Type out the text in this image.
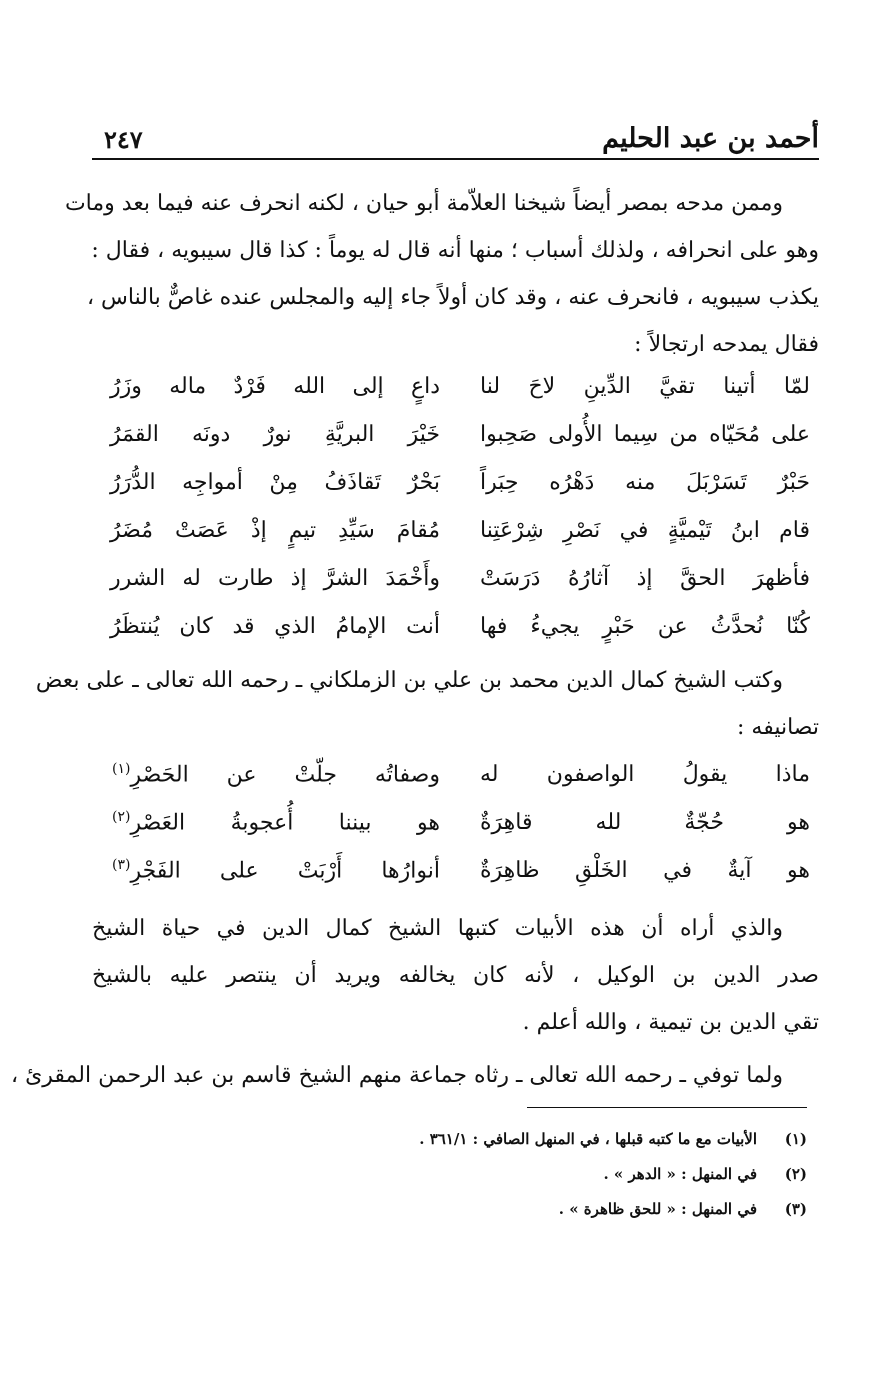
أحمد بن عبد الحليم
٢٤٧

وممن مدحه بمصر أيضاً شيخنا العلاّمة أبو حيان ، لكنه انحرف عنه فيما بعد ومات
وهو على انحرافه ، ولذلك أسباب ؛ منها أنه قال له يوماً : كذا قال سيبويه ، فقال :
يكذب سيبويه ، فانحرف عنه ، وقد كان أولاً جاء إليه والمجلس عنده غاصٌّ بالناس ،
فقال يمدحه ارتجالاً :

لمّا أتينا تقيَّ الدِّينِ لاحَ لنا
داعٍ إلى الله فَرْدٌ ماله وزَرُ
على مُحَيّاه من سِيما الأُولى صَحِبوا
خَيْرَ البريَّةِ نورٌ دونَه القمَرُ
حَبْرٌ تَسَرْبَلَ منه دَهْرُه حِبَراً
بَحْرٌ تَقاذَفُ مِنْ أمواجِه الدُّرَرُ
قام ابنُ تَيْميَّةٍ في نَصْرِ شِرْعَتِنا
مُقامَ سَيِّدِ تيمٍ إذْ عَصَتْ مُضَرُ
فأظهرَ الحقَّ إذ آثارُهُ دَرَسَتْ
وأَخْمَدَ الشرَّ إذ طارت له الشرر
كُنّا نُحدَّثُ عن حَبْرٍ يجيءُ فها
أنت الإمامُ الذي قد كان يُنتظَرُ

وكتب الشيخ كمال الدين محمد بن علي بن الزملكاني ـ رحمه الله تعالى ـ على بعض
تصانيفه :

ماذا يقولُ الواصفون له
وصفاتُه جلّتْ عن الحَصْرِ$^{(١)}$
هو حُجّةٌ لله قاهِرَةٌ
هو بيننا أُعجوبةُ العَصْرِ$^{(٢)}$
هو آيةٌ في الخَلْقِ ظاهِرَةٌ
أنوارُها أَرْبَتْ على الفَجْرِ$^{(٣)}$

والذي أراه أن هذه الأبيات كتبها الشيخ كمال الدين في حياة الشيخ
صدر الدين بن الوكيل ، لأنه كان يخالفه ويريد أن ينتصر عليه بالشيخ
تقي الدين بن تيمية ، والله أعلم .

ولما توفي ـ رحمه الله تعالى ـ رثاه جماعة منهم الشيخ قاسم بن عبد الرحمن المقرئ ،

(١)
الأبيات مع ما كتبه قبلها ، في المنهل الصافي : ٣٦١/١ .
(٢)
في المنهل : « الدهر » .
(٣)
في المنهل : « للحق ظاهرة » .
